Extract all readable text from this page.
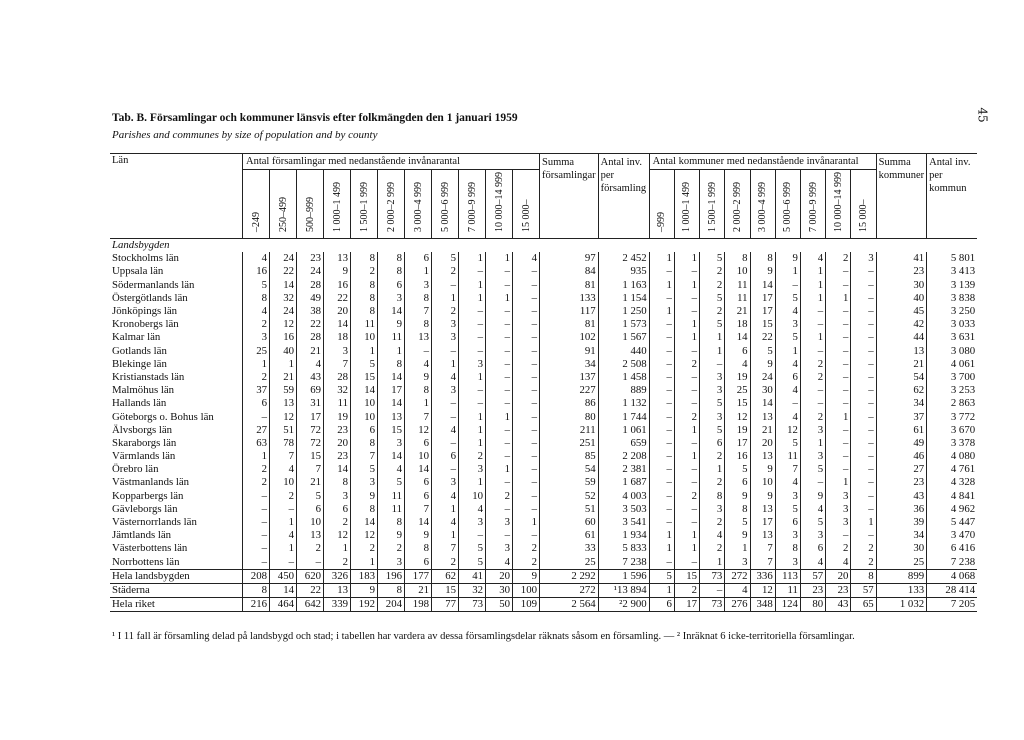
45
Tab. B. Församlingar och kommuner länsvis efter folkmängden den 1 januari 1959
Parishes and communes by size of population and by county
Län	Antal församlingar med nedanstående invånarantal
–249	250–499	500–999	1 000–1 499	1 500–1 999	2 000–2 999	3 000–4 999	5 000–6 999	7 000–9 999	10 000–14 999	15 000–
	Summa församlingar	Antal inv. per församling	
Antal kommuner med nedanstående invånarantal
–999	1 000–1 499	1 500–1 999	2 000–2 999	3 000–4 999	5 000–6 999	7 000–9 999	10 000–14 999	15 000–
	Summa kommuner	Antal inv. per kommun
Landsbygden	
Stockholms län	4	24	23	13	8	8	6	5	1	1	4	97	2 452	1	1	5	8	8	9	4	2	3	41	5 801
Uppsala län	16	22	24	9	2	8	1	2	–	–	–	84	935	–	–	2	10	9	1	1	–	–	23	3 413
Södermanlands län	5	14	28	16	8	6	3	–	1	–	–	81	1 163	1	1	2	11	14	–	1	–	–	30	3 139
Östergötlands län	8	32	49	22	8	3	8	1	1	1	–	133	1 154	–	–	5	11	17	5	1	1	–	40	3 838
Jönköpings län	4	24	38	20	8	14	7	2	–	–	–	117	1 250	1	–	2	21	17	4	–	–	–	45	3 250
Kronobergs län	2	12	22	14	11	9	8	3	–	–	–	81	1 573	–	1	5	18	15	3	–	–	–	42	3 033
Kalmar län	3	16	28	18	10	11	13	3	–	–	–	102	1 567	–	1	1	14	22	5	1	–	–	44	3 631
Gotlands län	25	40	21	3	1	1	–	–	–	–	–	91	440	–	–	1	6	5	1	–	–	–	13	3 080
Blekinge län	1	1	4	7	5	8	4	1	3	–	–	34	2 508	–	2	–	4	9	4	2	–	–	21	4 061
Kristianstads län	2	21	43	28	15	14	9	4	1	–	–	137	1 458	–	–	3	19	24	6	2	–	–	54	3 700
Malmöhus län	37	59	69	32	14	17	8	3	–	–	–	227	889	–	–	3	25	30	4	–	–	–	62	3 253
Hallands län	6	13	31	11	10	14	1	–	–	–	–	86	1 132	–	–	5	15	14	–	–	–	–	34	2 863
Göteborgs o. Bohus län	–	12	17	19	10	13	7	–	1	1	–	80	1 744	–	2	3	12	13	4	2	1	–	37	3 772
Älvsborgs län	27	51	72	23	6	15	12	4	1	–	–	211	1 061	–	1	5	19	21	12	3	–	–	61	3 670
Skaraborgs län	63	78	72	20	8	3	6	–	1	–	–	251	659	–	–	6	17	20	5	1	–	–	49	3 378
Värmlands län	1	7	15	23	7	14	10	6	2	–	–	85	2 208	–	1	2	16	13	11	3	–	–	46	4 080
Örebro län	2	4	7	14	5	4	14	–	3	1	–	54	2 381	–	–	1	5	9	7	5	–	–	27	4 761
Västmanlands län	2	10	21	8	3	5	6	3	1	–	–	59	1 687	–	–	2	6	10	4	–	1	–	23	4 328
Kopparbergs län	–	2	5	3	9	11	6	4	10	2	–	52	4 003	–	2	8	9	9	3	9	3	–	43	4 841
Gävleborgs län	–	–	6	6	8	11	7	1	4	–	–	51	3 503	–	–	3	8	13	5	4	3	–	36	4 962
Västernorrlands län	–	1	10	2	14	8	14	4	3	3	1	60	3 541	–	–	2	5	17	6	5	3	1	39	5 447
Jämtlands län	–	4	13	12	12	9	9	1	–	–	–	61	1 934	1	1	4	9	13	3	3	–	–	34	3 470
Västerbottens län	–	1	2	1	2	2	8	7	5	3	2	33	5 833	1	1	2	1	7	8	6	2	2	30	6 416
Norrbottens län	–	–	–	2	1	3	6	2	5	4	2	25	7 238	–	–	1	3	7	3	4	4	2	25	7 238
Hela landsbygden	208	450	620	326	183	196	177	62	41	20	9	2 292	1 596	5	15	73	272	336	113	57	20	8	899	4 068
Städerna	8	14	22	13	9	8	21	15	32	30	100	272	¹13 894	1	2	–	4	12	11	23	23	57	133	28 414
Hela riket	216	464	642	339	192	204	198	77	73	50	109	2 564	²2 900	6	17	73	276	348	124	80	43	65	1 032	7 205
¹ I 11 fall är församling delad på landsbygd och stad; i tabellen har vardera av dessa församlingsdelar räknats såsom en församling. — ² Inräknat 6 icke-territoriella församlingar.
